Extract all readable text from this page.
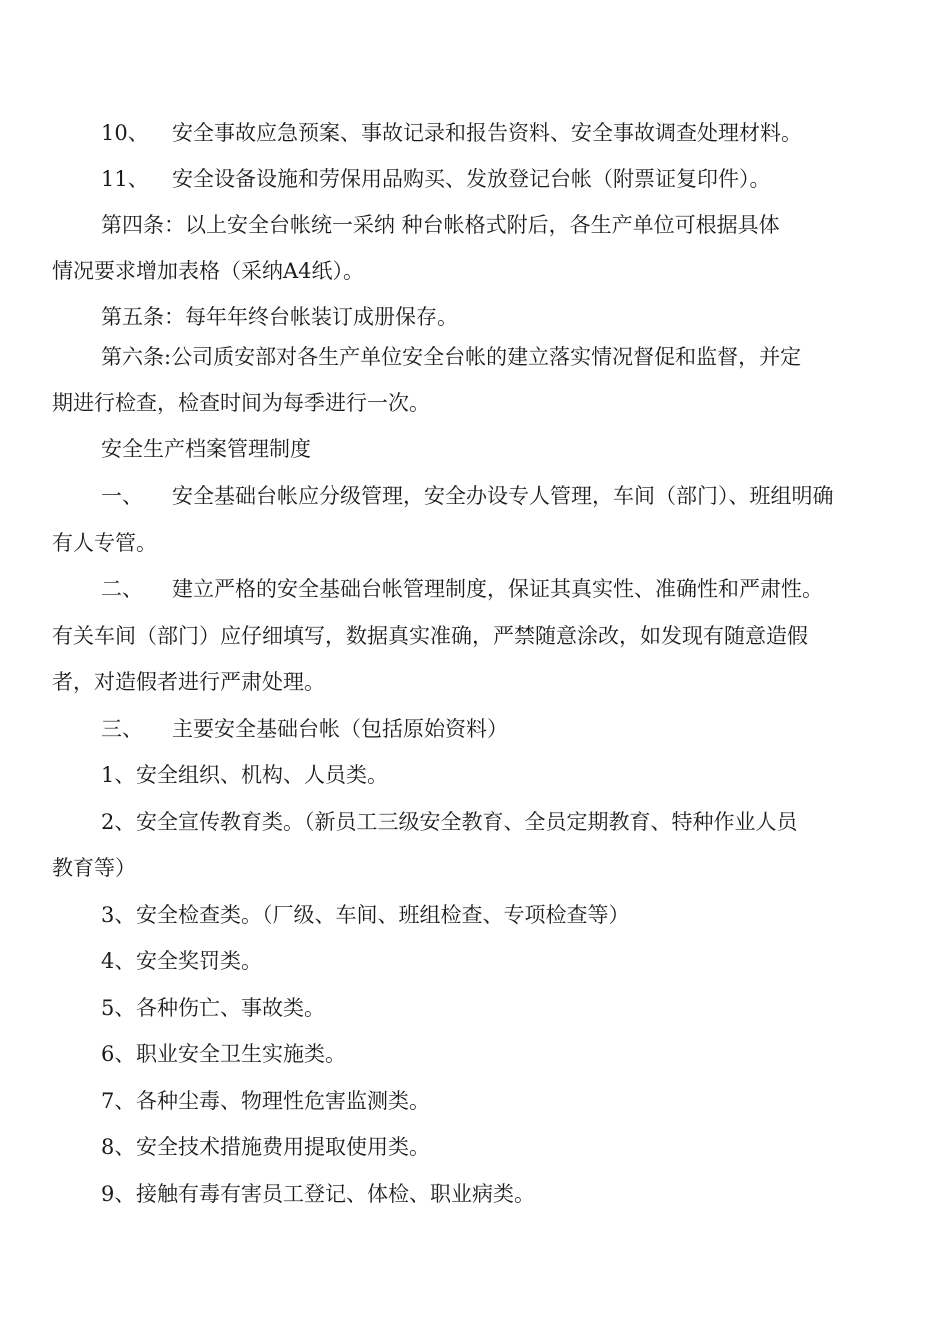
10、 安全事故应急预案、事故记录和报告资料、安全事故调查处理材料。
11、 安全设备设施和劳保用品购买、发放登记台帐（附票证复印件）。
第四条：以上安全台帐统一采纳 种台帐格式附后，各生产单位可根据具体
情况要求增加表格（采纳A4纸）。
第五条：每年年终台帐装订成册保存。
第六条:公司质安部对各生产单位安全台帐的建立落实情况督促和监督，并定
期进行检查，检查时间为每季进行一次。
安全生产档案管理制度
一、 安全基础台帐应分级管理，安全办设专人管理，车间（部门）、班组明确
有人专管。
二、 建立严格的安全基础台帐管理制度，保证其真实性、准确性和严肃性。
有关车间（部门）应仔细填写，数据真实准确，严禁随意涂改，如发现有随意造假
者，对造假者进行严肃处理。
三、 主要安全基础台帐（包括原始资料）
1、安全组织、机构、人员类。
2、安全宣传教育类。（新员工三级安全教育、全员定期教育、特种作业人员
教育等）
3、安全检查类。（厂级、车间、班组检查、专项检查等）
4、安全奖罚类。
5、各种伤亡、事故类。
6、职业安全卫生实施类。
7、各种尘毒、物理性危害监测类。
8、安全技术措施费用提取使用类。
9、接触有毒有害员工登记、体检、职业病类。
